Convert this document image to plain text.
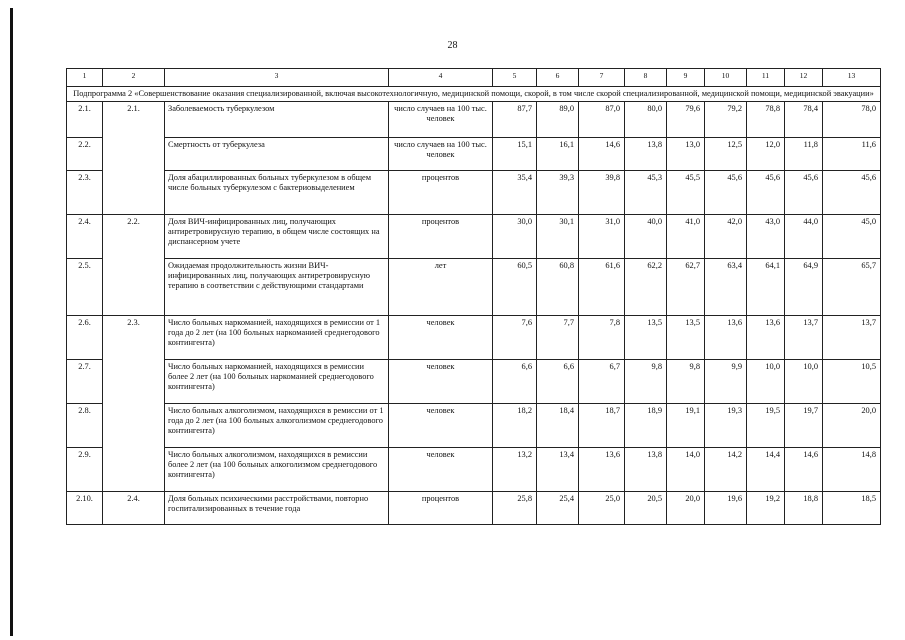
28
1	2	3	4	5	6	7	8	9	10	11	12	13
Подпрограмма 2 «Совершенствование оказания специализированной, включая высокотехнологичную, медицинской помощи, скорой, в том числе скорой специализированной, медицинской помощи, медицинской эвакуации»												
2.1.	2.1.	Заболеваемость туберкулезом	число случаев на 100 тыс. человек	87,7	89,0	87,0	80,0	79,6	79,2	78,8	78,4	78,0
2.2.		Смертность от туберкулеза	число случаев на 100 тыс. человек	15,1	16,1	14,6	13,8	13,0	12,5	12,0	11,8	11,6
2.3.		Доля абациллированных больных туберкулезом в общем числе больных туберкулезом с бактериовыделением	процентов	35,4	39,3	39,8	45,3	45,5	45,6	45,6	45,6	45,6
2.4.	2.2.	Доля ВИЧ-инфицированных лиц, получающих антиретровирусную терапию, в общем числе состоящих на диспансерном учете	процентов	30,0	30,1	31,0	40,0	41,0	42,0	43,0	44,0	45,0
2.5.		Ожидаемая продолжительность жизни ВИЧ-инфицированных лиц, получающих антиретровирусную терапию в соответствии с действующими стандартами	лет	60,5	60,8	61,6	62,2	62,7	63,4	64,1	64,9	65,7
2.6.	2.3.	Число больных наркоманией, находящихся в ремиссии от 1 года до 2 лет (на 100 больных наркоманией среднегодового контингента)	человек	7,6	7,7	7,8	13,5	13,5	13,6	13,6	13,7	13,7
2.7.		Число больных наркоманией, находящихся в ремиссии более 2 лет (на 100 больных наркоманией среднегодового контингента)	человек	6,6	6,6	6,7	9,8	9,8	9,9	10,0	10,0	10,5
2.8.		Число больных алкоголизмом, находящихся в ремиссии от 1 года до 2 лет (на 100 больных алкоголизмом среднегодового контингента)	человек	18,2	18,4	18,7	18,9	19,1	19,3	19,5	19,7	20,0
2.9.		Число больных алкоголизмом, находящихся в ремиссии более 2 лет (на 100 больных алкоголизмом среднегодового контингента)	человек	13,2	13,4	13,6	13,8	14,0	14,2	14,4	14,6	14,8
2.10.	2.4.	Доля больных психическими расстройствами, повторно госпитализированных в течение года	процентов	25,8	25,4	25,0	20,5	20,0	19,6	19,2	18,8	18,5
